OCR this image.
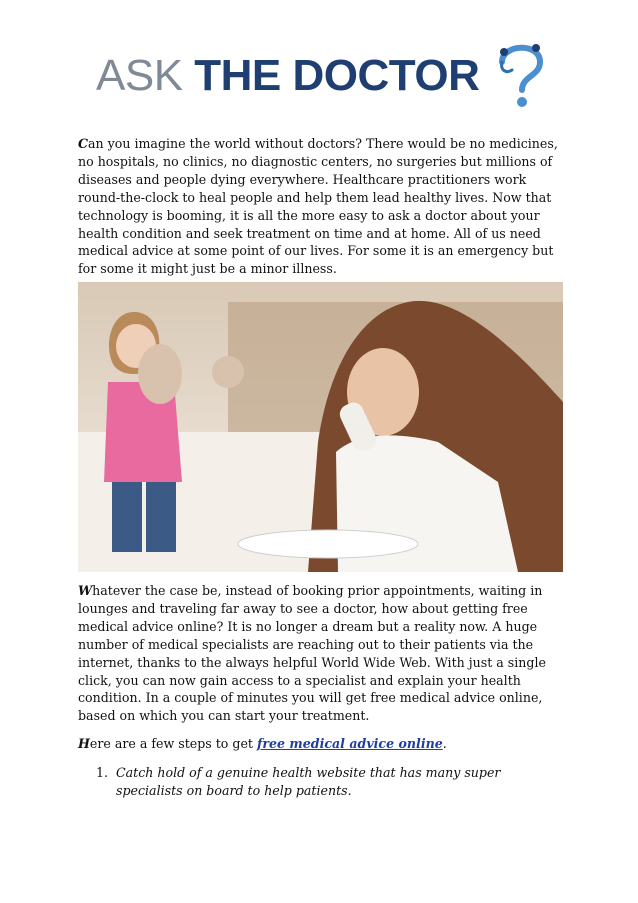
ASK THE DOCTOR

Can you imagine the world without doctors? There would be no medicines, no hospitals, no clinics, no diagnostic centers, no surgeries but millions of diseases and people dying everywhere. Healthcare practitioners work round-the-clock to heal people and help them lead healthy lives. Now that technology is booming, it is all the more easy to ask a doctor about your health condition and seek treatment on time and at home. All of us need medical advice at some point of our lives. For some it is an emergency but for some it might just be a minor illness.

Whatever the case be, instead of booking prior appointments, waiting in lounges and traveling far away to see a doctor, how about getting free medical advice online? It is no longer a dream but a reality now. A huge number of medical specialists are reaching out to their patients via the internet, thanks to the always helpful World Wide Web. With just a single click, you can now gain access to a specialist and explain your health condition. In a couple of minutes you will get free medical advice online, based on which you can start your treatment.

Here are a few steps to get free medical advice online.

1. Catch hold of a genuine health website that has many super specialists on board to help patients.
